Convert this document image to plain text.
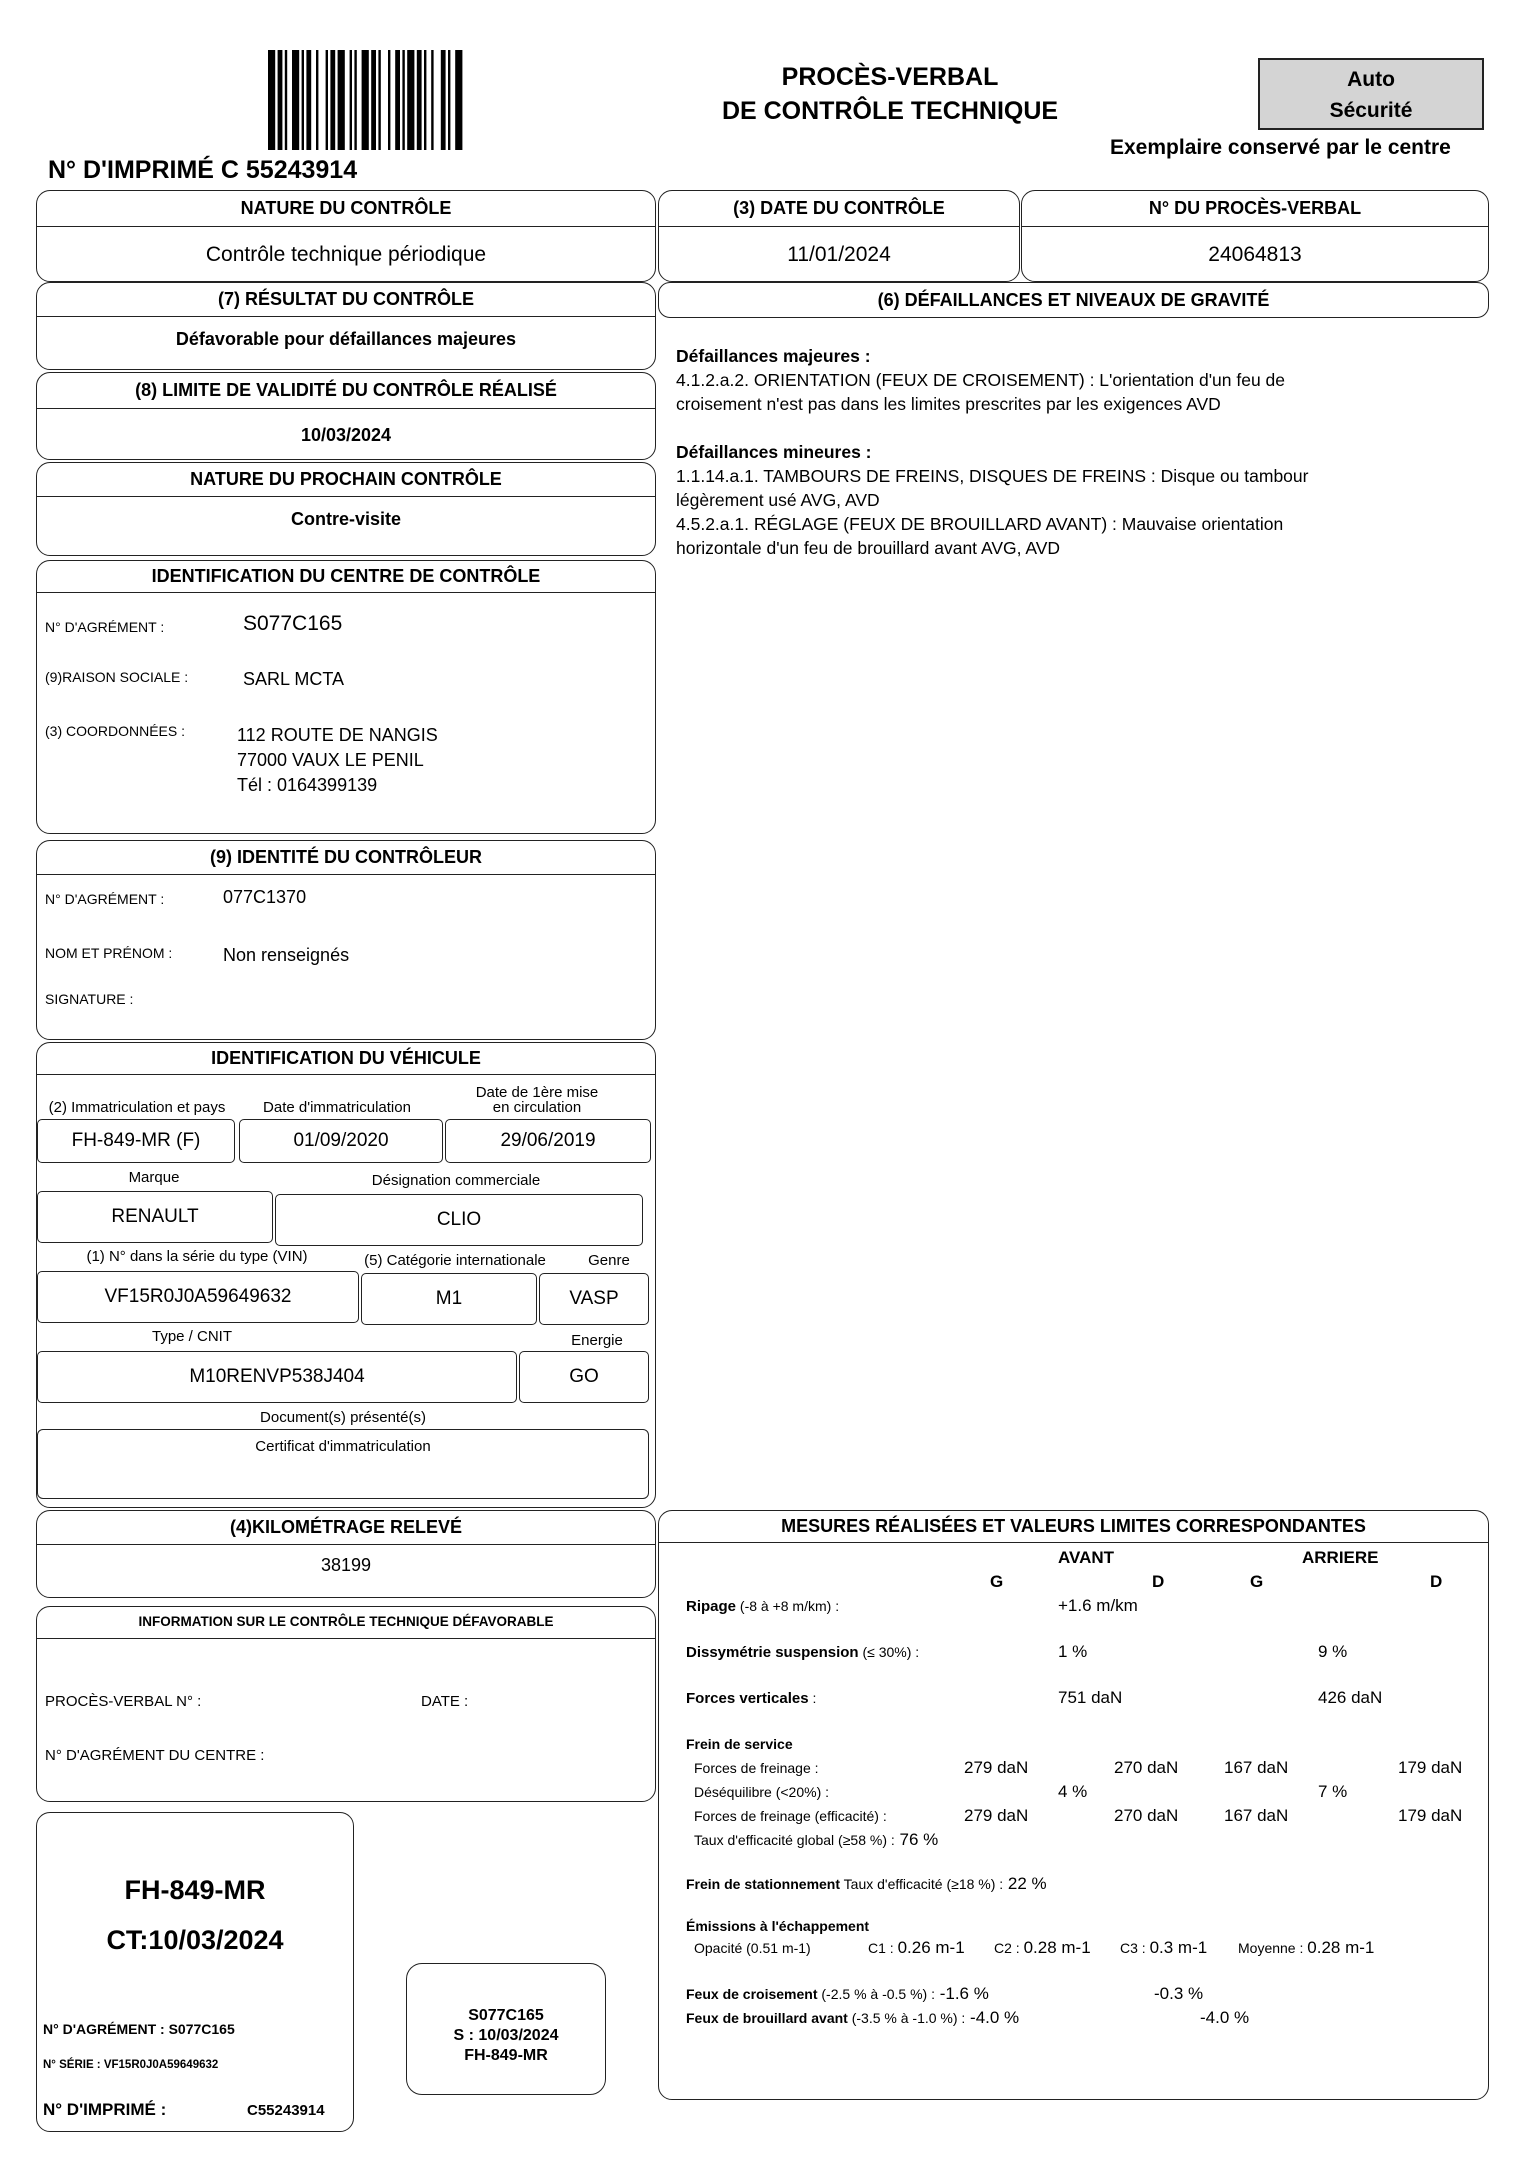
N° D'IMPRIMÉ C 55243914
PROCÈS-VERBAL
DE CONTRÔLE TECHNIQUE
Auto
Sécurité
Exemplaire conservé par le centre
NATURE DU CONTRÔLE
Contrôle technique périodique
(3) DATE DU CONTRÔLE
11/01/2024
N° DU PROCÈS-VERBAL
24064813
(7) RÉSULTAT DU CONTRÔLE
Défavorable pour défaillances majeures
(8) LIMITE DE VALIDITÉ DU CONTRÔLE RÉALISÉ
10/03/2024
NATURE DU PROCHAIN CONTRÔLE
Contre-visite
(6) DÉFAILLANCES ET NIVEAUX DE GRAVITÉ
Défaillances majeures :
4.1.2.a.2. ORIENTATION (FEUX DE CROISEMENT) : L'orientation d'un feu de
croisement n'est pas dans les limites prescrites par les exigences AVD
Défaillances mineures :
1.1.14.a.1. TAMBOURS DE FREINS, DISQUES DE FREINS : Disque ou tambour
légèrement usé AVG, AVD
4.5.2.a.1. RÉGLAGE (FEUX DE BROUILLARD AVANT) : Mauvaise orientation
horizontale d'un feu de brouillard avant AVG, AVD
IDENTIFICATION DU CENTRE DE CONTRÔLE
N° D'AGRÉMENT :	S077C165
(9)RAISON SOCIALE :	SARL MCTA
(3) COORDONNÉES :	112 ROUTE DE NANGIS
77000 VAUX LE PENIL
Tél : 0164399139
(9) IDENTITÉ DU CONTRÔLEUR
N° D'AGRÉMENT :	077C1370
NOM ET PRÉNOM :	Non renseignés
SIGNATURE :
IDENTIFICATION DU VÉHICULE
(2) Immatriculation et pays	Date d'immatriculation
Date de 1ère mise
en circulation
FH-849-MR (F)	01/09/2020	29/06/2019
Marque	Désignation commerciale
RENAULT	CLIO
(1) N° dans la série du type (VIN)	(5) Catégorie internationale	Genre
VF15R0J0A59649632	M1	VASP
Type / CNIT	Energie
M10RENVP538J404	GO
Document(s) présenté(s)
Certificat d'immatriculation
(4)KILOMÉTRAGE RELEVÉ
38199
INFORMATION SUR LE CONTRÔLE TECHNIQUE DÉFAVORABLE
PROCÈS-VERBAL N° :	DATE :
N° D'AGRÉMENT DU CENTRE :
FH-849-MR
CT:10/03/2024
N° D'AGRÉMENT : S077C165
N° SÉRIE : VF15R0J0A59649632
N° D'IMPRIMÉ :	C55243914
S077C165
S : 10/03/2024
FH-849-MR
MESURES RÉALISÉES ET VALEURS LIMITES CORRESPONDANTES
AVANT	ARRIERE
G	D	G	D
Ripage (-8 à +8 m/km) :	+1.6 m/km
Dissymétrie suspension (≤ 30%) :	1 %	9 %
Forces verticales :	751 daN	426 daN
Frein de service
Forces de freinage :	279 daN	270 daN	167 daN	179 daN
Déséquilibre (<20%) :	4 %	7 %
Forces de freinage (efficacité) :	279 daN	270 daN	167 daN	179 daN
Taux d'efficacité global (≥58 %) : 76 %
Frein de stationnement Taux d'efficacité (≥18 %) : 22 %
Émissions à l'échappement
Opacité (0.51 m-1)	C1 : 0.26 m-1 C2 : 0.28 m-1 C3 : 0.3 m-1 Moyenne : 0.28 m-1
Feux de croisement (-2.5 % à -0.5 %) : -1.6 %	-0.3 %
Feux de brouillard avant (-3.5 % à -1.0 %) : -4.0 %	-4.0 %
